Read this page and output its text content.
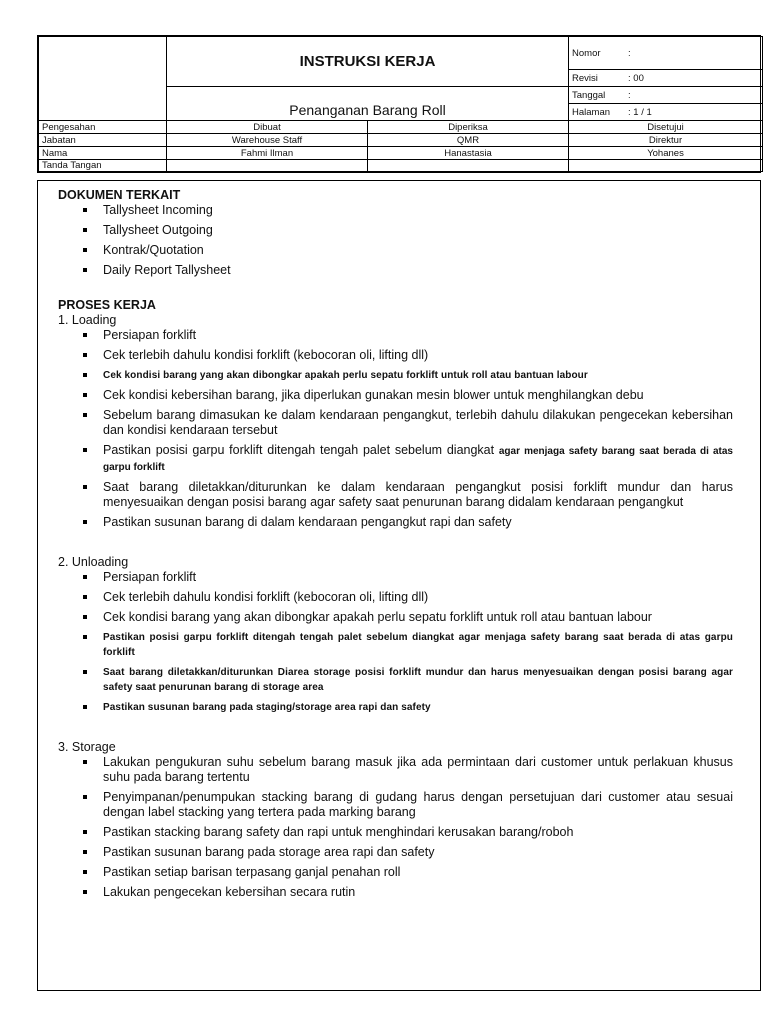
	INSTRUKSI KERJA		Nomor :
			Revisi : 00
	Penanganan Barang Roll		Tanggal :
			Halaman : 1 / 1
Pengesahan	Dibuat	Diperiksa	Disetujui
Jabatan	Warehouse Staff	QMR	Direktur
Nama	Fahmi Ilman	Hanastasia	Yohanes
Tanda Tangan			
DOKUMEN TERKAIT
Tallysheet Incoming
Tallysheet Outgoing
Kontrak/Quotation
Daily Report Tallysheet
PROSES KERJA
1. Loading
Persiapan forklift
Cek terlebih dahulu kondisi forklift (kebocoran oli, lifting dll)
Cek kondisi barang yang akan dibongkar apakah perlu sepatu forklift untuk roll atau bantuan labour
Cek kondisi kebersihan barang, jika diperlukan gunakan mesin blower untuk menghilangkan debu
Sebelum barang dimasukan ke dalam kendaraan pengangkut, terlebih dahulu dilakukan pengecekan kebersihan dan kondisi kendaraan tersebut
Pastikan posisi garpu forklift ditengah tengah palet sebelum diangkat agar menjaga safety barang saat berada di atas garpu forklift
Saat barang diletakkan/diturunkan ke dalam kendaraan pengangkut posisi forklift mundur dan harus menyesuaikan dengan posisi barang agar safety saat penurunan barang didalam kendaraan pengangkut
Pastikan susunan barang di dalam kendaraan pengangkut rapi dan safety
2. Unloading
Persiapan forklift
Cek terlebih dahulu kondisi forklift (kebocoran oli, lifting dll)
Cek kondisi barang yang akan dibongkar apakah perlu sepatu forklift untuk roll atau bantuan labour
Pastikan posisi garpu forklift ditengah tengah palet sebelum diangkat agar menjaga safety barang saat berada di atas garpu forklift
Saat barang diletakkan/diturunkan Diarea storage posisi forklift mundur dan harus menyesuaikan dengan posisi barang agar safety saat penurunan barang di storage area
Pastikan susunan barang pada staging/storage area rapi dan safety
3. Storage
Lakukan pengukuran suhu sebelum barang masuk jika ada permintaan dari customer untuk perlakuan khusus suhu pada barang tertentu
Penyimpanan/penumpukan stacking barang di gudang harus dengan persetujuan dari customer atau sesuai dengan label stacking yang tertera pada marking barang
Pastikan stacking barang safety dan rapi untuk menghindari kerusakan barang/roboh
Pastikan susunan barang pada storage area rapi dan safety
Pastikan setiap barisan terpasang ganjal penahan roll
Lakukan pengecekan kebersihan secara rutin
